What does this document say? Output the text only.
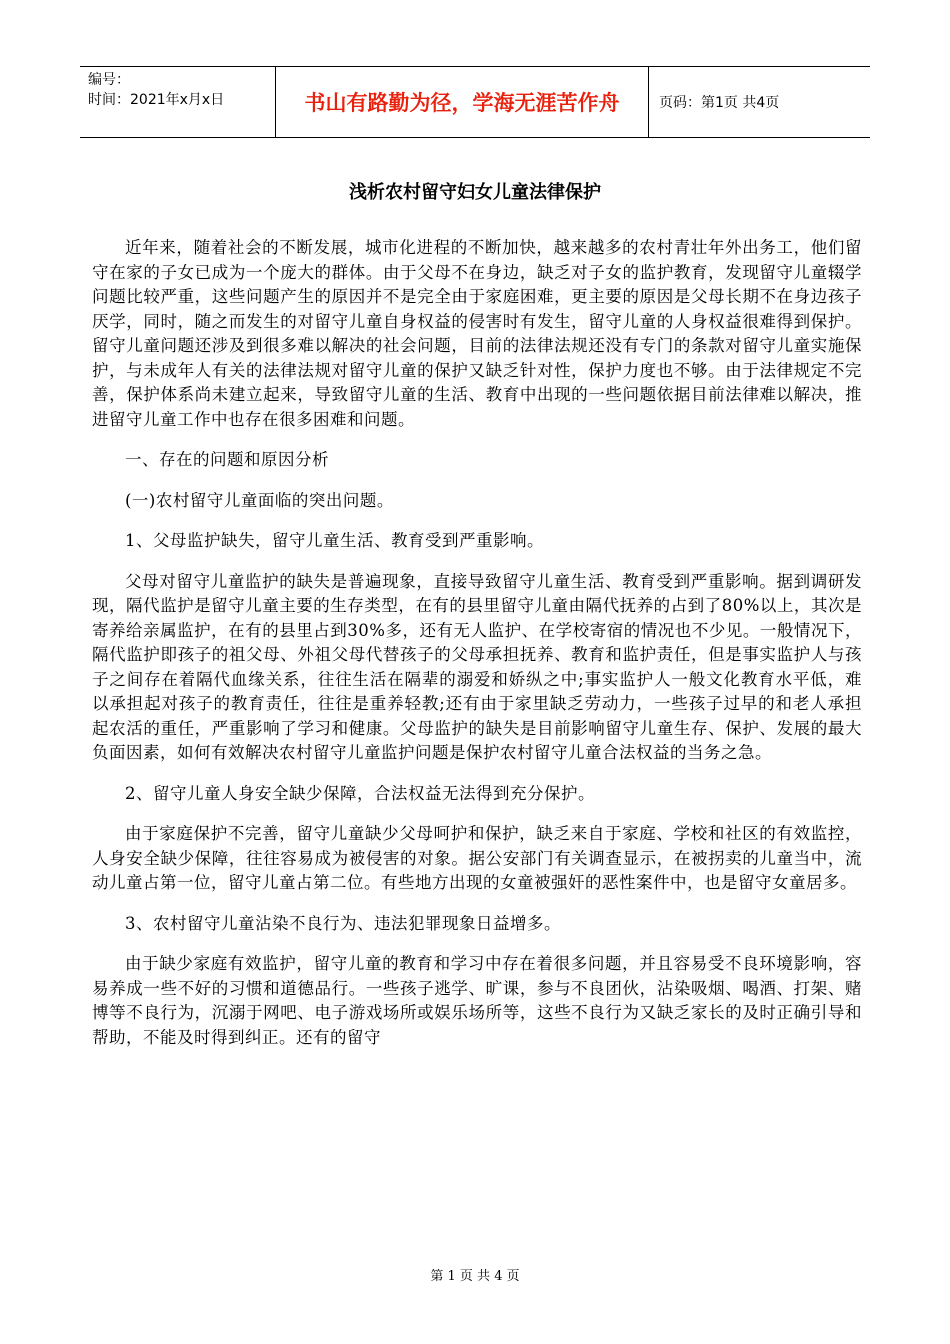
编号：
时间：2021年x月x日	书山有路勤为径，学海无涯苦作舟	页码：第1页 共4页
浅析农村留守妇女儿童法律保护

近年来，随着社会的不断发展，城市化进程的不断加快，越来越多的农村青壮年外出务工，他们留守在家的子女已成为一个庞大的群体。由于父母不在身边，缺乏对子女的监护教育，发现留守儿童辍学问题比较严重，这些问题产生的原因并不是完全由于家庭困难，更主要的原因是父母长期不在身边孩子厌学，同时，随之而发生的对留守儿童自身权益的侵害时有发生，留守儿童的人身权益很难得到保护。留守儿童问题还涉及到很多难以解决的社会问题，目前的法律法规还没有专门的条款对留守儿童实施保护，与未成年人有关的法律法规对留守儿童的保护又缺乏针对性，保护力度也不够。由于法律规定不完善，保护体系尚未建立起来，导致留守儿童的生活、教育中出现的一些问题依据目前法律难以解决，推进留守儿童工作中也存在很多困难和问题。

一、存在的问题和原因分析

(一)农村留守儿童面临的突出问题。

1、父母监护缺失，留守儿童生活、教育受到严重影响。

父母对留守儿童监护的缺失是普遍现象，直接导致留守儿童生活、教育受到严重影响。据到调研发现，隔代监护是留守儿童主要的生存类型，在有的县里留守儿童由隔代抚养的占到了80%以上，其次是寄养给亲属监护，在有的县里占到30%多，还有无人监护、在学校寄宿的情况也不少见。一般情况下，隔代监护即孩子的祖父母、外祖父母代替孩子的父母承担抚养、教育和监护责任，但是事实监护人与孩子之间存在着隔代血缘关系，往往生活在隔辈的溺爱和娇纵之中;事实监护人一般文化教育水平低，难以承担起对孩子的教育责任，往往是重养轻教;还有由于家里缺乏劳动力，一些孩子过早的和老人承担起农活的重任，严重影响了学习和健康。父母监护的缺失是目前影响留守儿童生存、保护、发展的最大负面因素，如何有效解决农村留守儿童监护问题是保护农村留守儿童合法权益的当务之急。

2、留守儿童人身安全缺少保障，合法权益无法得到充分保护。

由于家庭保护不完善，留守儿童缺少父母呵护和保护，缺乏来自于家庭、学校和社区的有效监控，人身安全缺少保障，往往容易成为被侵害的对象。据公安部门有关调查显示，在被拐卖的儿童当中，流动儿童占第一位，留守儿童占第二位。有些地方出现的女童被强奸的恶性案件中，也是留守女童居多。

3、农村留守儿童沾染不良行为、违法犯罪现象日益增多。

由于缺少家庭有效监护，留守儿童的教育和学习中存在着很多问题，并且容易受不良环境影响，容易养成一些不好的习惯和道德品行。一些孩子逃学、旷课，参与不良团伙，沾染吸烟、喝酒、打架、赌博等不良行为，沉溺于网吧、电子游戏场所或娱乐场所等，这些不良行为又缺乏家长的及时正确引导和帮助，不能及时得到纠正。还有的留守

第 1 页 共 4 页
